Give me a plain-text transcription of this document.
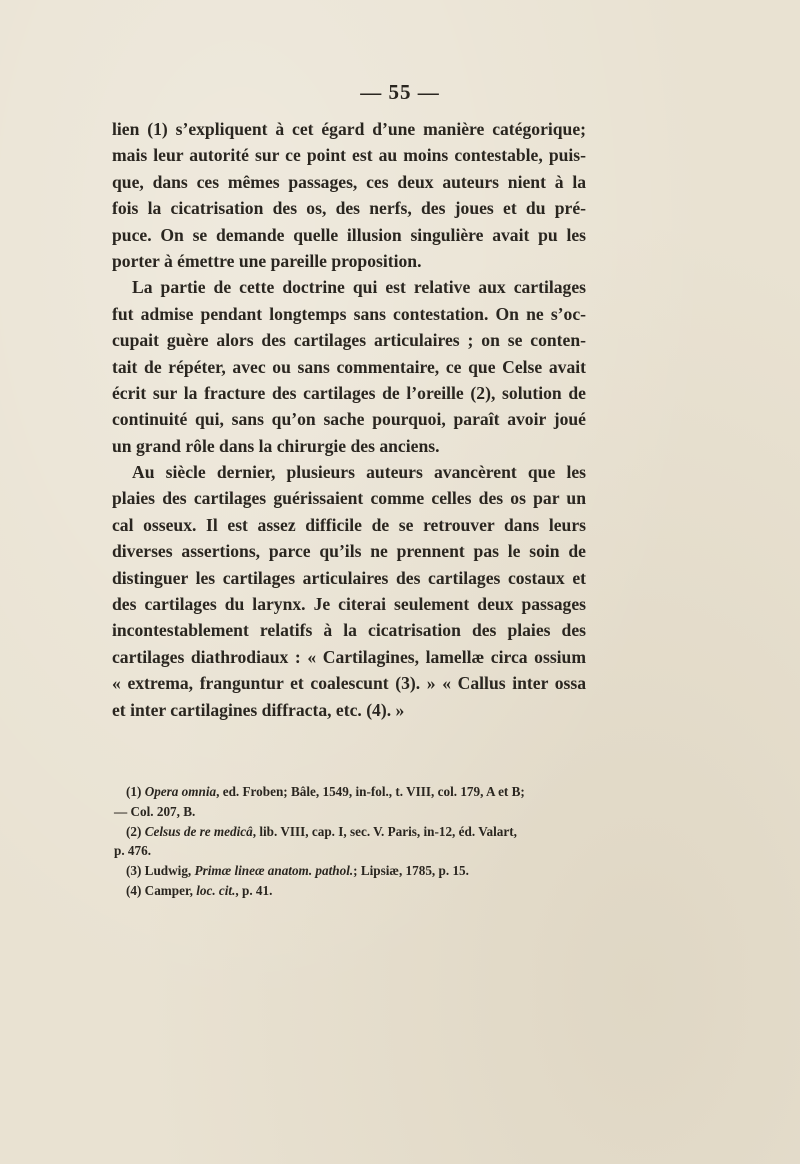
— 55 —
lien (1) s’expliquent à cet égard d’une manière catégorique;
mais leur autorité sur ce point est au moins contestable, puis-
que, dans ces mêmes passages, ces deux auteurs nient à la
fois la cicatrisation des os, des nerfs, des joues et du pré-
puce. On se demande quelle illusion singulière avait pu les
porter à émettre une pareille proposition.
La partie de cette doctrine qui est relative aux cartilages
fut admise pendant longtemps sans contestation. On ne s’oc-
cupait guère alors des cartilages articulaires ; on se conten-
tait de répéter, avec ou sans commentaire, ce que Celse avait
écrit sur la fracture des cartilages de l’oreille (2), solution de
continuité qui, sans qu’on sache pourquoi, paraît avoir joué
un grand rôle dans la chirurgie des anciens.
Au siècle dernier, plusieurs auteurs avancèrent que les
plaies des cartilages guérissaient comme celles des os par un
cal osseux. Il est assez difficile de se retrouver dans leurs
diverses assertions, parce qu’ils ne prennent pas le soin de
distinguer les cartilages articulaires des cartilages costaux et
des cartilages du larynx. Je citerai seulement deux passages
incontestablement relatifs à la cicatrisation des plaies des
cartilages diathrodiaux : « Cartilagines, lamellæ circa ossium
« extrema, franguntur et coalescunt (3). » « Callus inter ossa
et inter cartilagines diffracta, etc. (4). »
(1) Opera omnia, ed. Froben; Bâle, 1549, in-fol., t. VIII, col. 179, A et B;
— Col. 207, B.
(2) Celsus de re medicâ, lib. VIII, cap. I, sec. V. Paris, in-12, éd. Valart,
p. 476.
(3) Ludwig, Primæ lineæ anatom. pathol.; Lipsiæ, 1785, p. 15.
(4) Camper, loc. cit., p. 41.
